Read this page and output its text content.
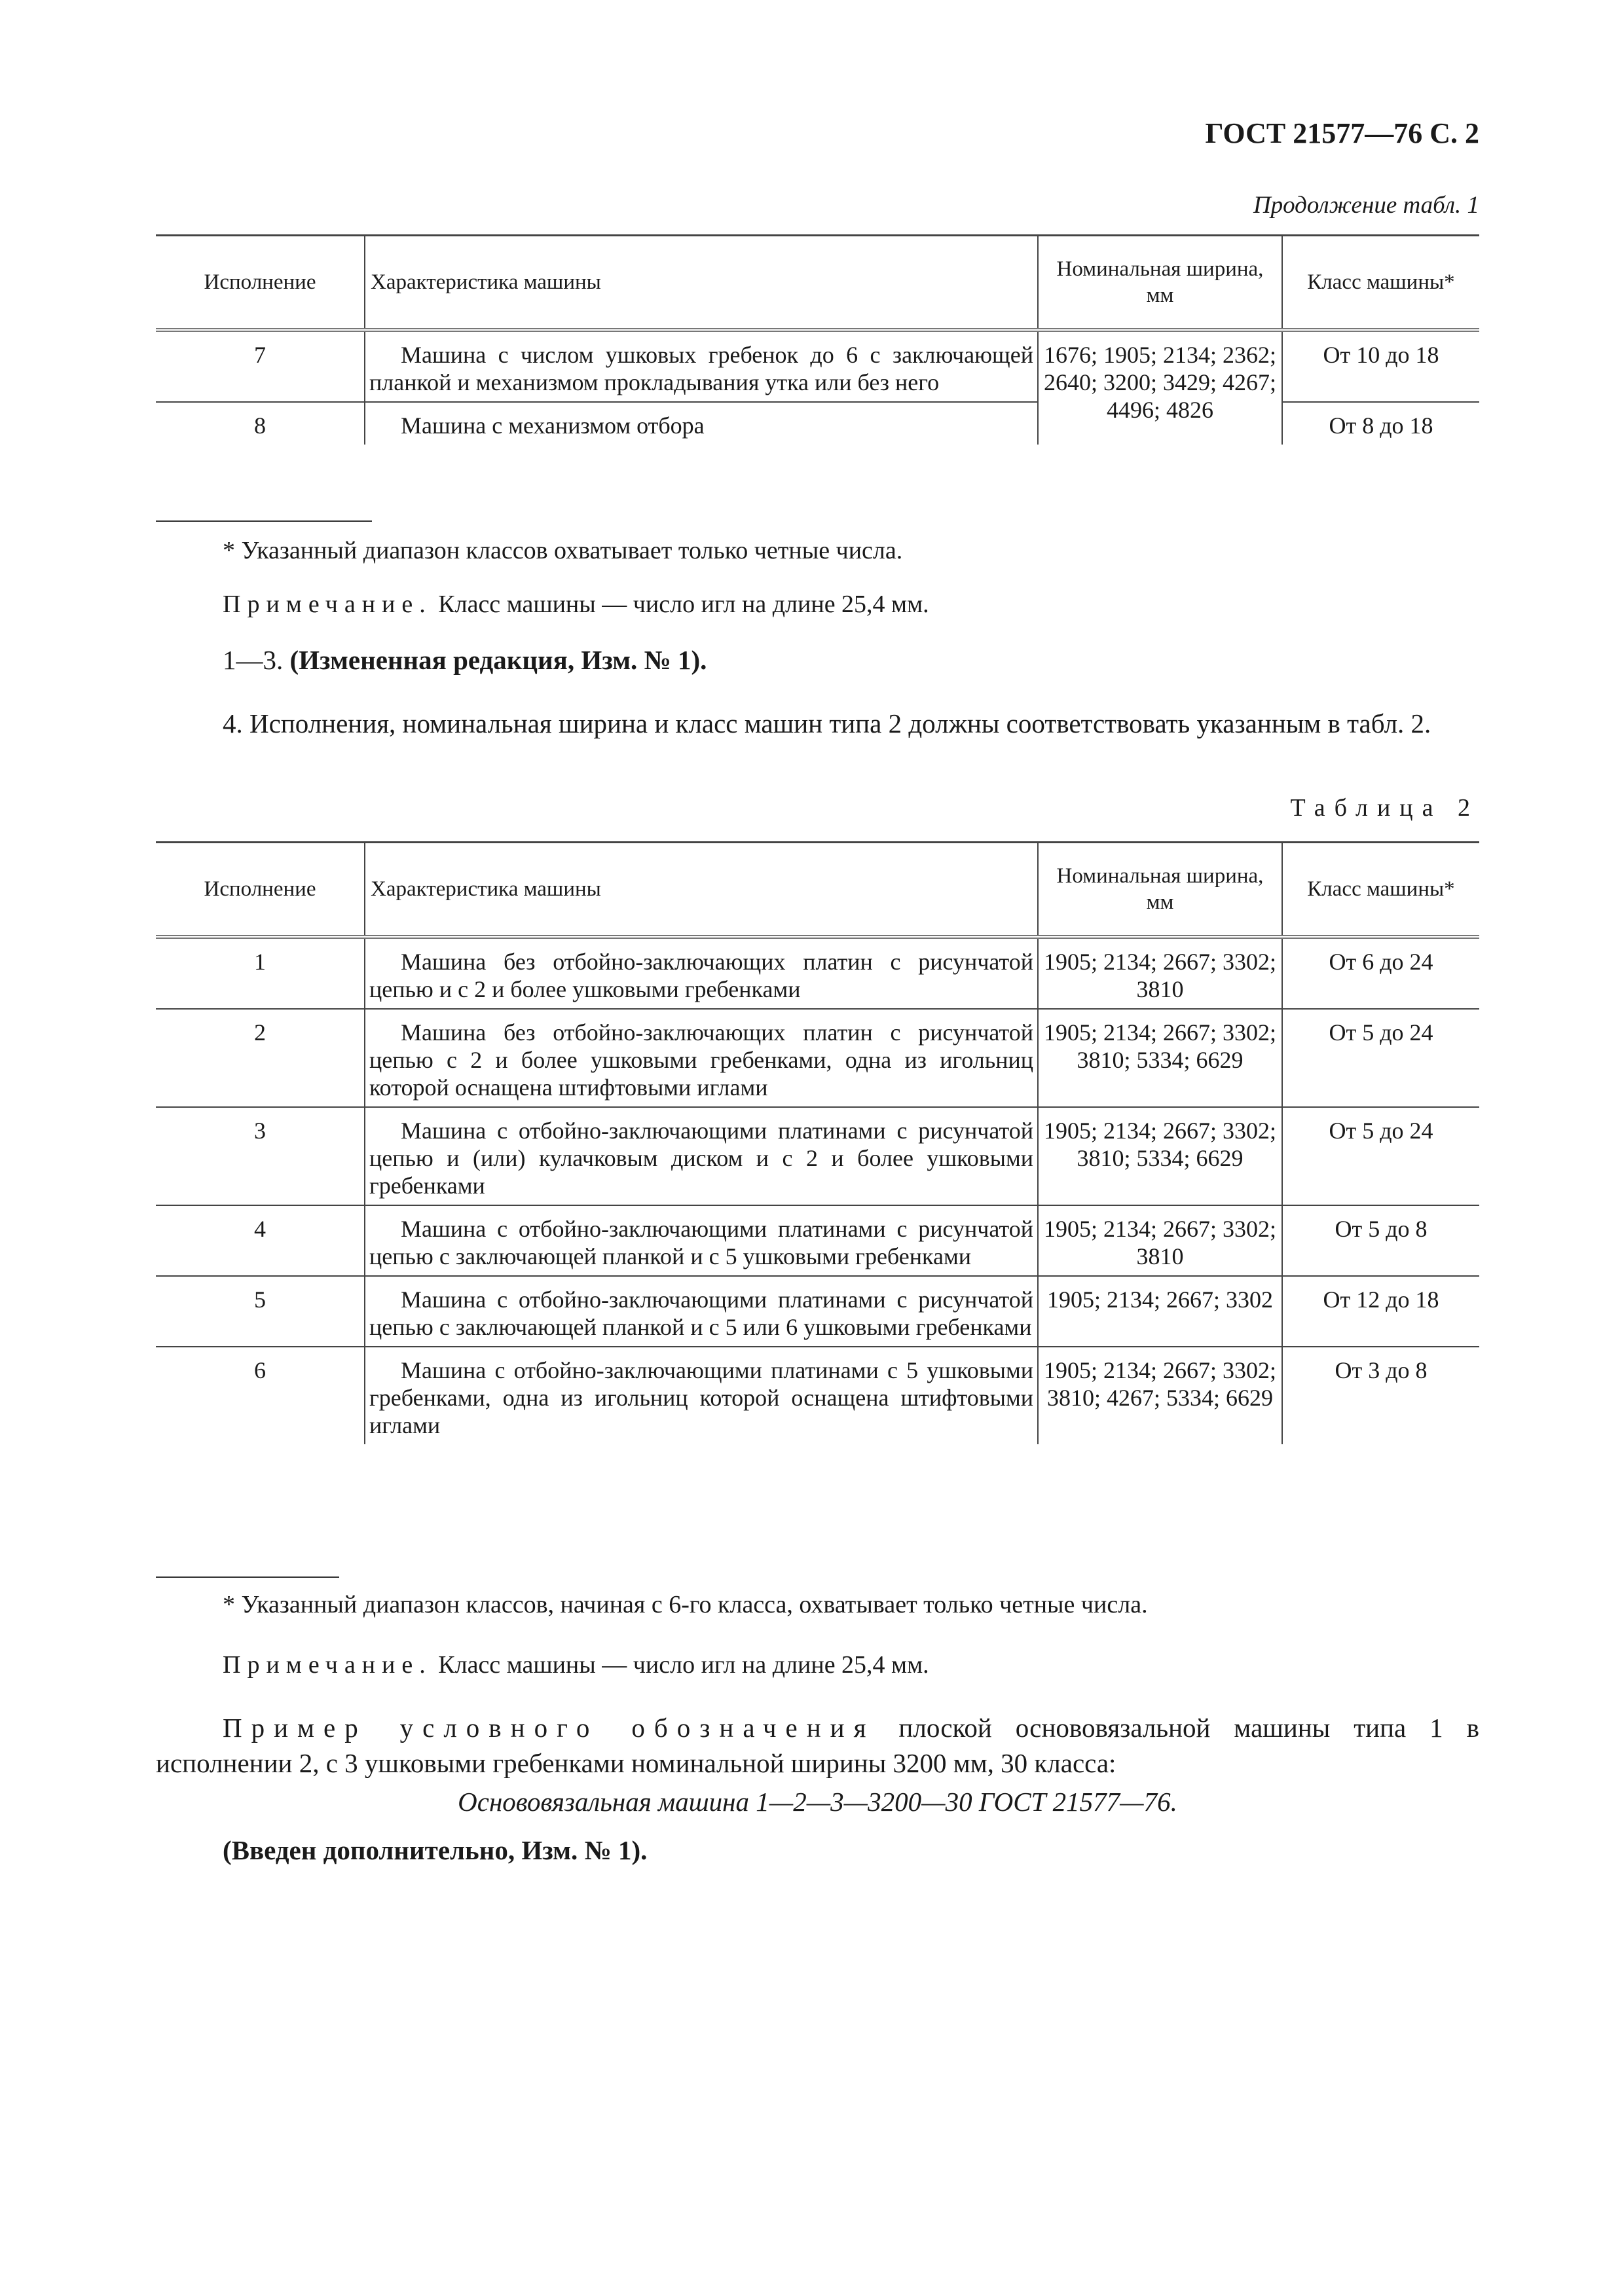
ГОСТ 21577—76 С. 2
Продолжение табл. 1
Исполнение	Характеристика машины	Номинальная ширина, мм	Класс машины*
7	Машина с числом ушковых гребенок до 6 с заключающей планкой и механизмом прокладывания утка или без него	1676; 1905; 2134; 2362; 2640; 3200; 3429; 4267; 4496; 4826	От 10 до 18
8	Машина с механизмом отбора		От 8 до 18
* Указанный диапазон классов охватывает только четные числа.
Примечание. Класс машины — число игл на длине 25,4 мм.
1—3. (Измененная редакция, Изм. № 1).
4. Исполнения, номинальная ширина и класс машин типа 2 должны соответствовать указанным в табл. 2.
Таблица 2
Исполнение	Характеристика машины	Номинальная ширина, мм	Класс машины*
1	Машина без отбойно-заключающих платин с рисунчатой цепью и с 2 и более ушковыми гребенками	1905; 2134; 2667; 3302; 3810	От 6 до 24
2	Машина без отбойно-заключающих платин с рисунчатой цепью с 2 и более ушковыми гребенками, одна из игольниц которой оснащена штифтовыми иглами	1905; 2134; 2667; 3302; 3810; 5334; 6629	От 5 до 24
3	Машина с отбойно-заключающими платинами с рисунчатой цепью и (или) кулачковым диском и с 2 и более ушковыми гребенками	1905; 2134; 2667; 3302; 3810; 5334; 6629	От 5 до 24
4	Машина с отбойно-заключающими платинами с рисунчатой цепью с заключающей планкой и с 5 ушковыми гребенками	1905; 2134; 2667; 3302; 3810	От 5 до 8
5	Машина с отбойно-заключающими платинами с рисунчатой цепью с заключающей планкой и с 5 или 6 ушковыми гребенками	1905; 2134; 2667; 3302	От 12 до 18
6	Машина с отбойно-заключающими платинами с 5 ушковыми гребенками, одна из игольниц которой оснащена штифтовыми иглами	1905; 2134; 2667; 3302; 3810; 4267; 5334; 6629	От 3 до 8
* Указанный диапазон классов, начиная с 6-го класса, охватывает только четные числа.
Примечание. Класс машины — число игл на длине 25,4 мм.
Пример условного обозначения плоской основовязальной машины типа 1 в исполнении 2, с 3 ушковыми гребенками номинальной ширины 3200 мм, 30 класса:
Основовязальная машина 1—2—3—3200—30 ГОСТ 21577—76.
(Введен дополнительно, Изм. № 1).
